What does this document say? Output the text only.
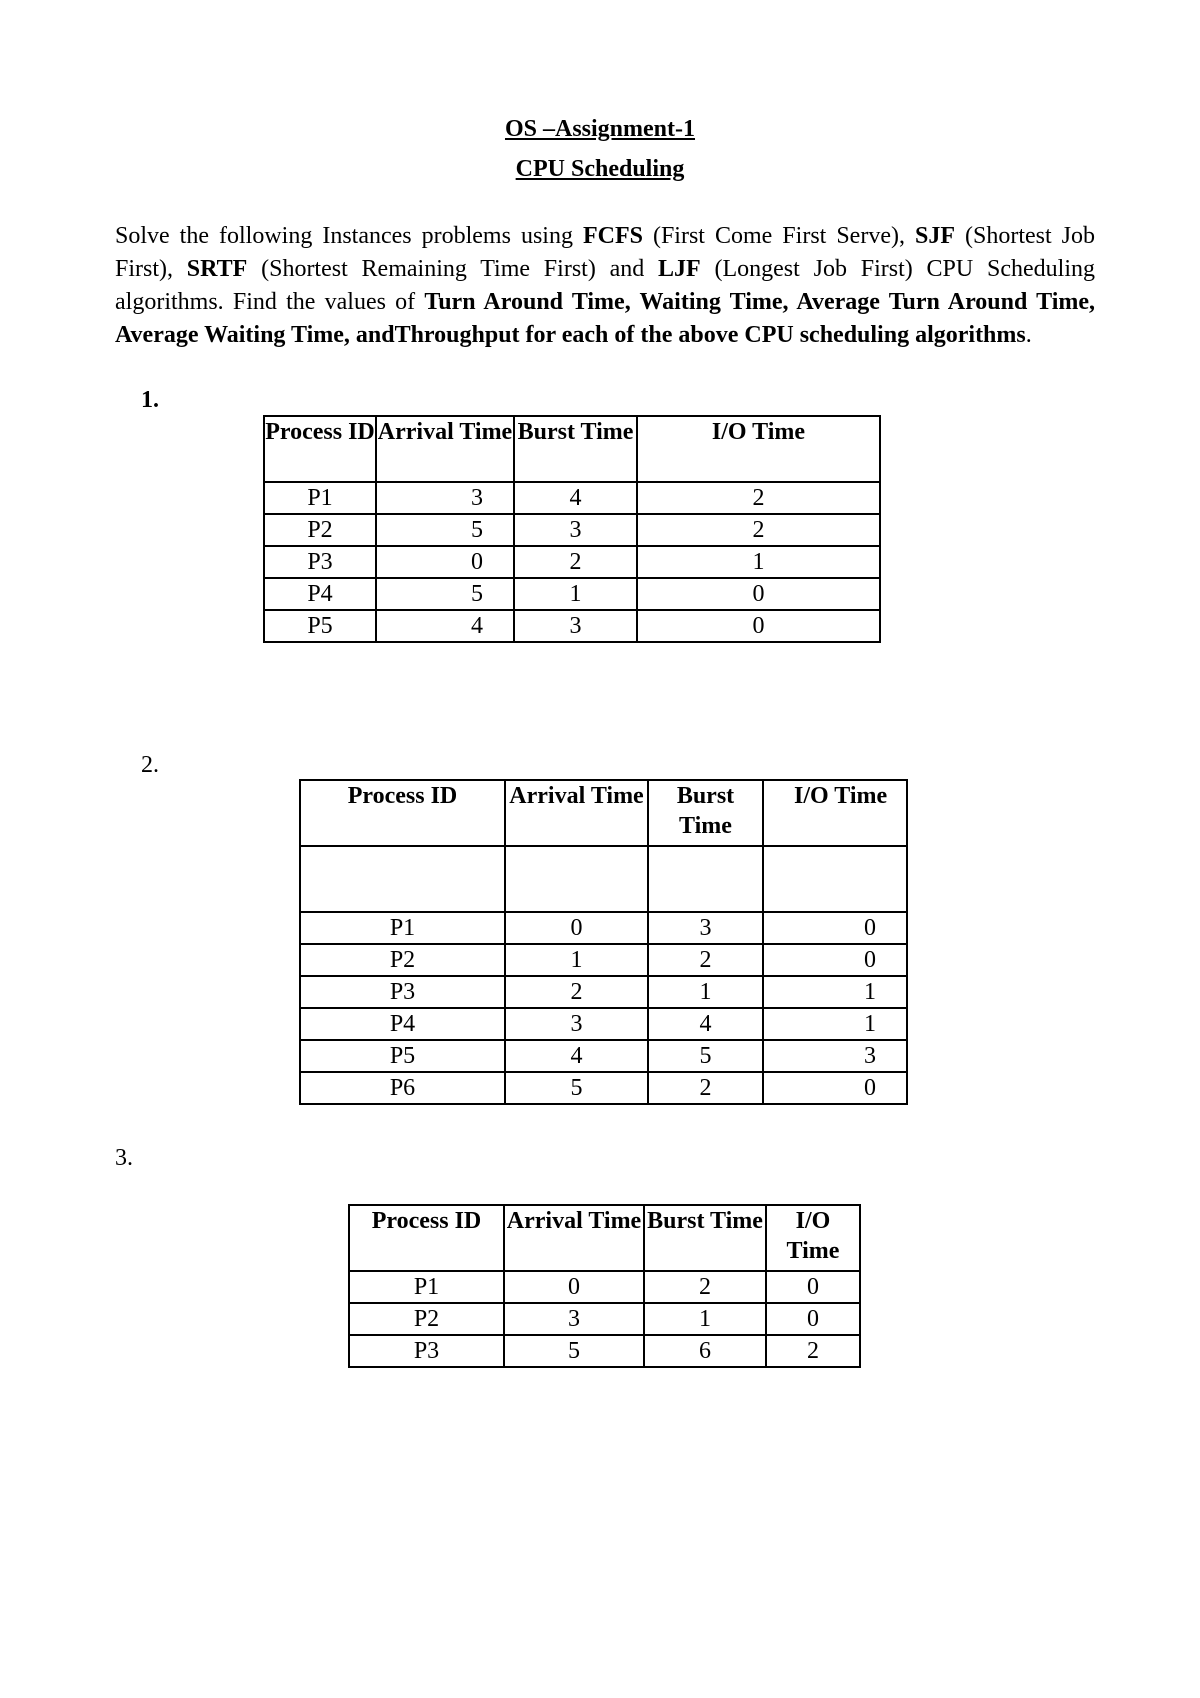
OS –Assignment-1
CPU Scheduling
Solve the following Instances problems using FCFS (First Come First Serve), SJF (Shortest Job First), SRTF (Shortest Remaining Time First) and LJF (Longest Job First) CPU Scheduling algorithms. Find the values of Turn Around Time, Waiting Time, Average Turn Around Time, Average Waiting Time, andThroughput for each of the above CPU scheduling algorithms.
1.
Process ID	Arrival Time	Burst Time	I/O Time
P1	3	4	2
P2	5	3	2
P3	0	2	1
P4	5	1	0
P5	4	3	0
2.
Process ID	Arrival Time	Burst Time	I/O Time

P1	0	3	0
P2	1	2	0
P3	2	1	1
P4	3	4	1
P5	4	5	3
P6	5	2	0
3.
Process ID	Arrival Time	Burst Time	I/O Time
P1	0	2	0
P2	3	1	0
P3	5	6	2
